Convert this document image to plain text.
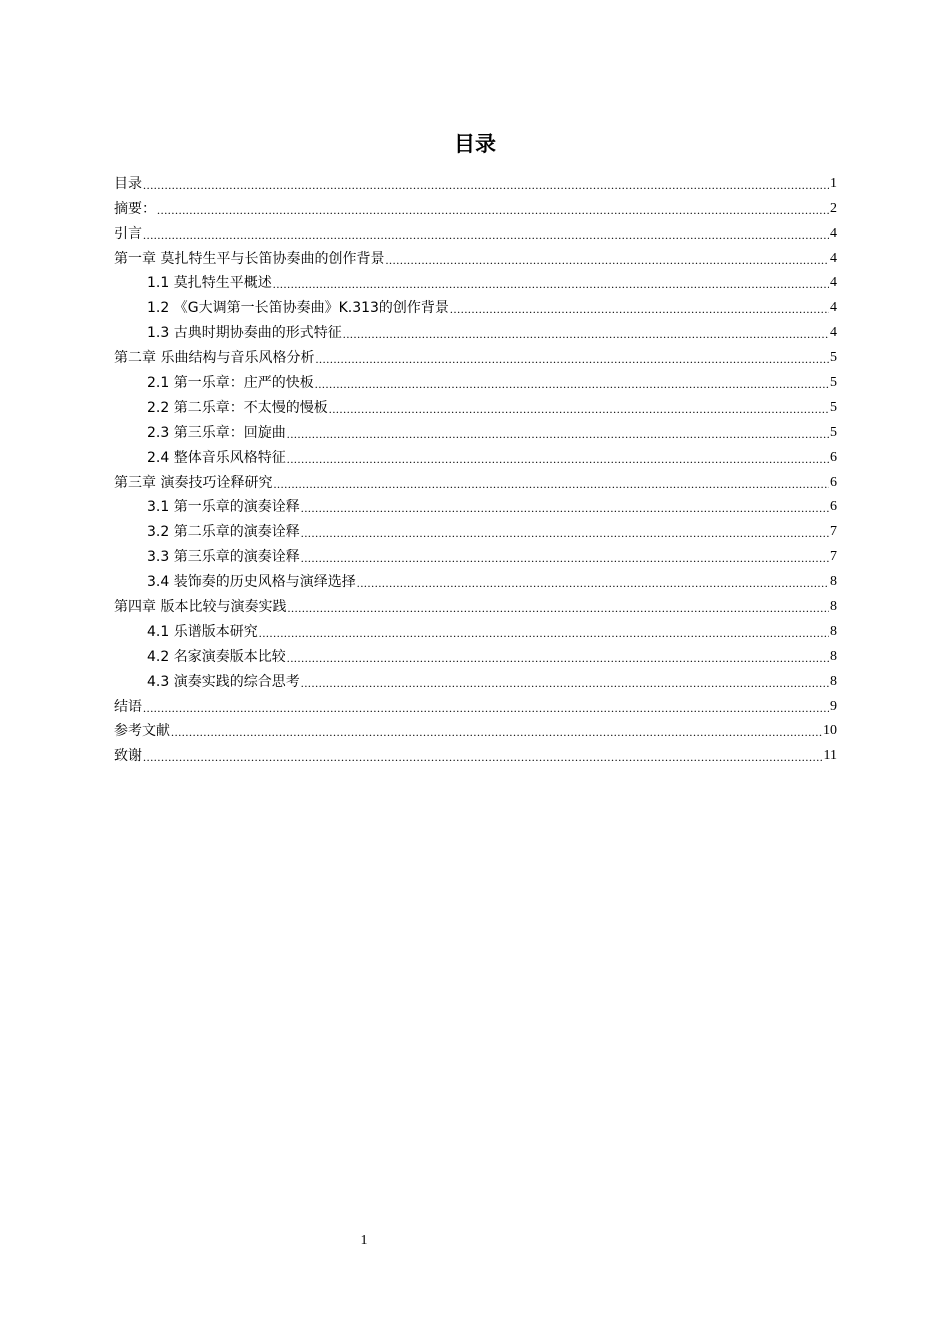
目录
目录 .....	1
摘要： .....	2
引言 .....	4
第一章 莫扎特生平与长笛协奏曲的创作背景 .....	4
1.1 莫扎特生平概述 .....	4
1.2 《G大调第一长笛协奏曲》K.313的创作背景 .....	4
1.3 古典时期协奏曲的形式特征 .....	4
第二章 乐曲结构与音乐风格分析 .....	5
2.1 第一乐章：庄严的快板 .....	5
2.2 第二乐章：不太慢的慢板 .....	5
2.3 第三乐章：回旋曲 .....	5
2.4 整体音乐风格特征 .....	6
第三章 演奏技巧诠释研究 .....	6
3.1 第一乐章的演奏诠释 .....	6
3.2 第二乐章的演奏诠释 .....	7
3.3 第三乐章的演奏诠释 .....	7
3.4 装饰奏的历史风格与演绎选择 .....	8
第四章 版本比较与演奏实践 .....	8
4.1 乐谱版本研究 .....	8
4.2 名家演奏版本比较 .....	8
4.3 演奏实践的综合思考 .....	8
结语 .....	9
参考文献 .....	10
致谢 .....	11
1
